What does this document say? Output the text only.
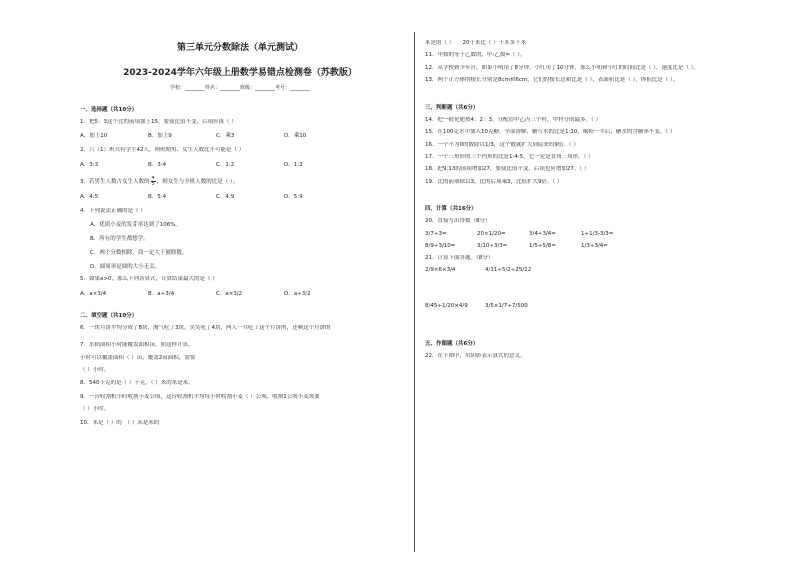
第三单元分数除法（单元测试）
2023-2024学年六年级上册数学易错点检测卷（苏教版）
学校：________姓名：________班级：________考号：________
一、选择题（共10分）
1．把5：3这个比的前项加上15，要使比值不变，后项应该（ ）
A．加上10	B．加上9	C．乘3	D．乘10
2．六（1）班共有学生42人，则班期男、女生人数比不可能是（ ）
A．3:3	B．3:4	C．1:2	D．1:3
3．若男生人数占女生人数的 $\frac{4}{5}$ ，则女生与全班人数的比是（ ）。
A．4:5	B．5:4	C．4:9	D．5:9
4．下列说法正确的是（ ）
A．优质小麦的发芽率达到了106%。
B．所有的学生都想学。
C．两个分数相除，商一定大于被除数。
D．圆周率是圆的大小无关。
5．如果a>0，那么下列各算式，计算结果最大的是（ ）
A．a×3/4	B．a÷3/4	C．a×3/2	D．a÷3/2
二、填空题（共10分）
6．一块月饼平均分成了8块，淘气吃了3块，笑笑吃了4块，两人一共吃了这个月饼的，还剩这个月饼的
7．水稻面积小时能覆盖面积亩，照这样计算，
小时可以覆盖面积（ ）亩，覆盖2亩面积，需要
（ ）小时。
8．540千克的是（ ）千克，（ ）米的米是米。
9．一台收割机小时收割小麦公顷，这台收割机平均每小时收割小麦（ ）公顷，收割1公顷小麦需要
（ ）小时。
10．米是（ ）的　 （ ）米是米的
米是的（ ）　　 20千米比（ ）千米多千米
11．甲数的等于乙数的，甲:乙数=（ ）。
12．从学校到少年宫，如果小明用了8分钟，小红用了10分钟，那么小明和小红的时间比是（ ），速度比是（ ）。
13．两个正方体的棱长分别是8cm和6cm，它们的棱长总和比是（ ），表面积比是（ ），体积比是（ ）。
三、判断题（共6分）
14．把一批化肥按4：2：3，分配给甲乙丙三个村，甲村分的最多。（ ）
15．在100克水中加入10克糖，全部溶解，糖与水的比是1:10，喝掉一半后，糖水的含糖率不变。（ ）
16．一个不为0的数除以1/3，这个数就扩大到原来的9倍。（ ）
17．一个三角形的三个内角的比是1:4:5，它一定是直角三角形。（ ）
18．把9:13的前项增加27，要使比值不变，后项也应增加27。（ ）
19．比的前项除以3，比的后项乘3，比值扩大9倍。（ ）
四、计算（共16分）
20．直接写出得数（8分）
3/7÷3=	20×1/20=	3/4÷3/4=	1÷1/3-3/3=
8/9÷3/10=	3/10÷3/3=	1/5÷5/8=	1/3÷3/4=
21．计算下面各题。（8分）
2/9×6×3/4	4/11÷5/2÷25/12
8/45÷1/20×4/9	3/5×1/7÷7/500
五、作图题（共6分）
22．在下图中，用阴影表示算式的意义。
